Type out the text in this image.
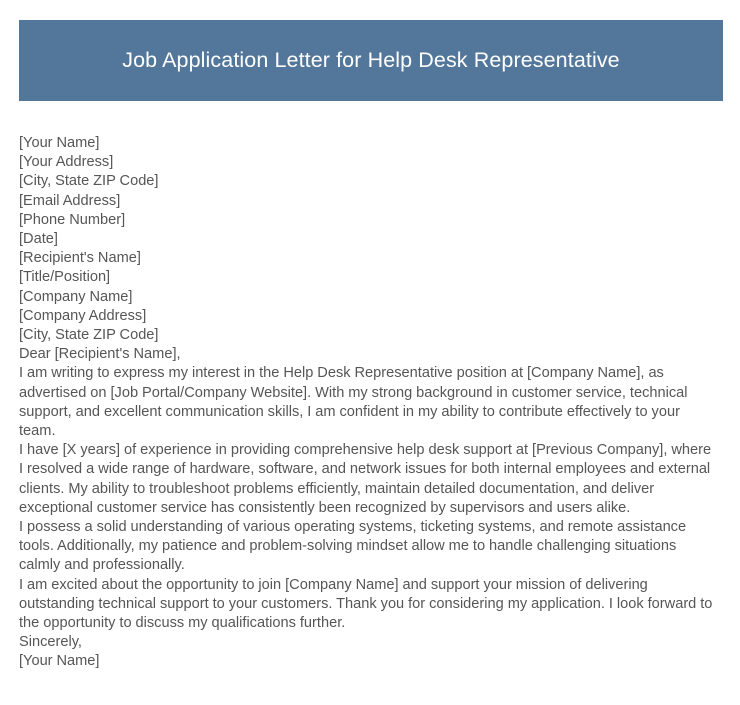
Job Application Letter for Help Desk Representative
[Your Name]
[Your Address]
[City, State ZIP Code]
[Email Address]
[Phone Number]
[Date]
[Recipient's Name]
[Title/Position]
[Company Name]
[Company Address]
[City, State ZIP Code]
Dear [Recipient's Name],

I am writing to express my interest in the Help Desk Representative position at [Company Name], as advertised on [Job Portal/Company Website]. With my strong background in customer service, technical support, and excellent communication skills, I am confident in my ability to contribute effectively to your team.

I have [X years] of experience in providing comprehensive help desk support at [Previous Company], where I resolved a wide range of hardware, software, and network issues for both internal employees and external clients. My ability to troubleshoot problems efficiently, maintain detailed documentation, and deliver exceptional customer service has consistently been recognized by supervisors and users alike.

I possess a solid understanding of various operating systems, ticketing systems, and remote assistance tools. Additionally, my patience and problem-solving mindset allow me to handle challenging situations calmly and professionally.

I am excited about the opportunity to join [Company Name] and support your mission of delivering outstanding technical support to your customers. Thank you for considering my application. I look forward to the opportunity to discuss my qualifications further.

Sincerely,
[Your Name]
